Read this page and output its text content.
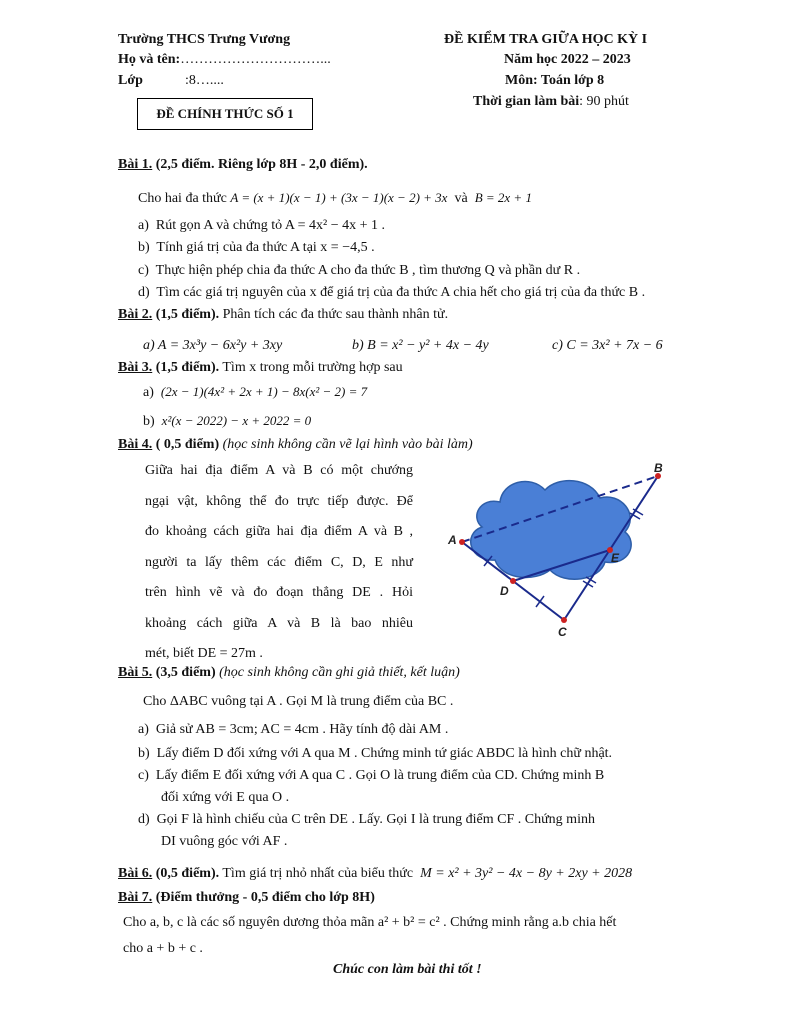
Trường THCS Trưng Vương
Họ và tên:…………………………...
Lớp	:8…....
ĐỀ KIỂM TRA GIỮA HỌC KỲ I
Năm học 2022 – 2023
Môn: Toán lớp 8
Thời gian làm bài: 90 phút
ĐỀ CHÍNH THỨC SỐ 1
Bài 1. (2,5 điểm. Riêng lớp 8H - 2,0 điểm).
Cho hai đa thức A = (x + 1)(x − 1) + (3x − 1)(x − 2) + 3x và B = 2x + 1
a) Rút gọn A và chứng tỏ A = 4x² − 4x + 1 .
b) Tính giá trị của đa thức A tại x = −4,5 .
c) Thực hiện phép chia đa thức A cho đa thức B , tìm thương Q và phần dư R .
d) Tìm các giá trị nguyên của x để giá trị của đa thức A chia hết cho giá trị của đa thức B .
Bài 2. (1,5 điểm). Phân tích các đa thức sau thành nhân tử.
a) A = 3x³y − 6x²y + 3xy	b) B = x² − y² + 4x − 4y	c) C = 3x² + 7x − 6
Bài 3. (1,5 điểm). Tìm x trong mỗi trường hợp sau
a) (2x − 1)(4x² + 2x + 1) − 8x(x² − 2) = 7
b) x²(x − 2022) − x + 2022 = 0
Bài 4. ( 0,5 điểm) (học sinh không cần vẽ lại hình vào bài làm)
Giữa hai địa điểm A và B có một chướng
ngại vật, không thể đo trực tiếp được. Để
đo khoảng cách giữa hai địa điểm A và B ,
người ta lấy thêm các điểm C, D, E như
trên hình vẽ và đo đoạn thẳng DE . Hỏi
khoảng cách giữa A và B là bao nhiêu
mét, biết DE = 27m .
A
B
C
D
E
Bài 5. (3,5 điểm) (học sinh không cần ghi giả thiết, kết luận)
Cho ΔABC vuông tại A . Gọi M là trung điểm của BC .
a) Giả sử AB = 3cm; AC = 4cm . Hãy tính độ dài AM .
b) Lấy điểm D đối xứng với A qua M . Chứng minh tứ giác ABDC là hình chữ nhật.
c) Lấy điểm E đối xứng với A qua C . Gọi O là trung điểm của CD. Chứng minh B
đối xứng với E qua O .
d) Gọi F là hình chiếu của C trên DE . Lấy. Gọi I là trung điểm CF . Chứng minh
DI vuông góc với AF .
Bài 6. (0,5 điểm). Tìm giá trị nhỏ nhất của biểu thức M = x² + 3y² − 4x − 8y + 2xy + 2028
Bài 7. (Điểm thưởng - 0,5 điểm cho lớp 8H)
Cho a, b, c là các số nguyên dương thỏa mãn a² + b² = c² . Chứng minh rằng a.b chia hết
cho a + b + c .
Chúc con làm bài thi tốt !
